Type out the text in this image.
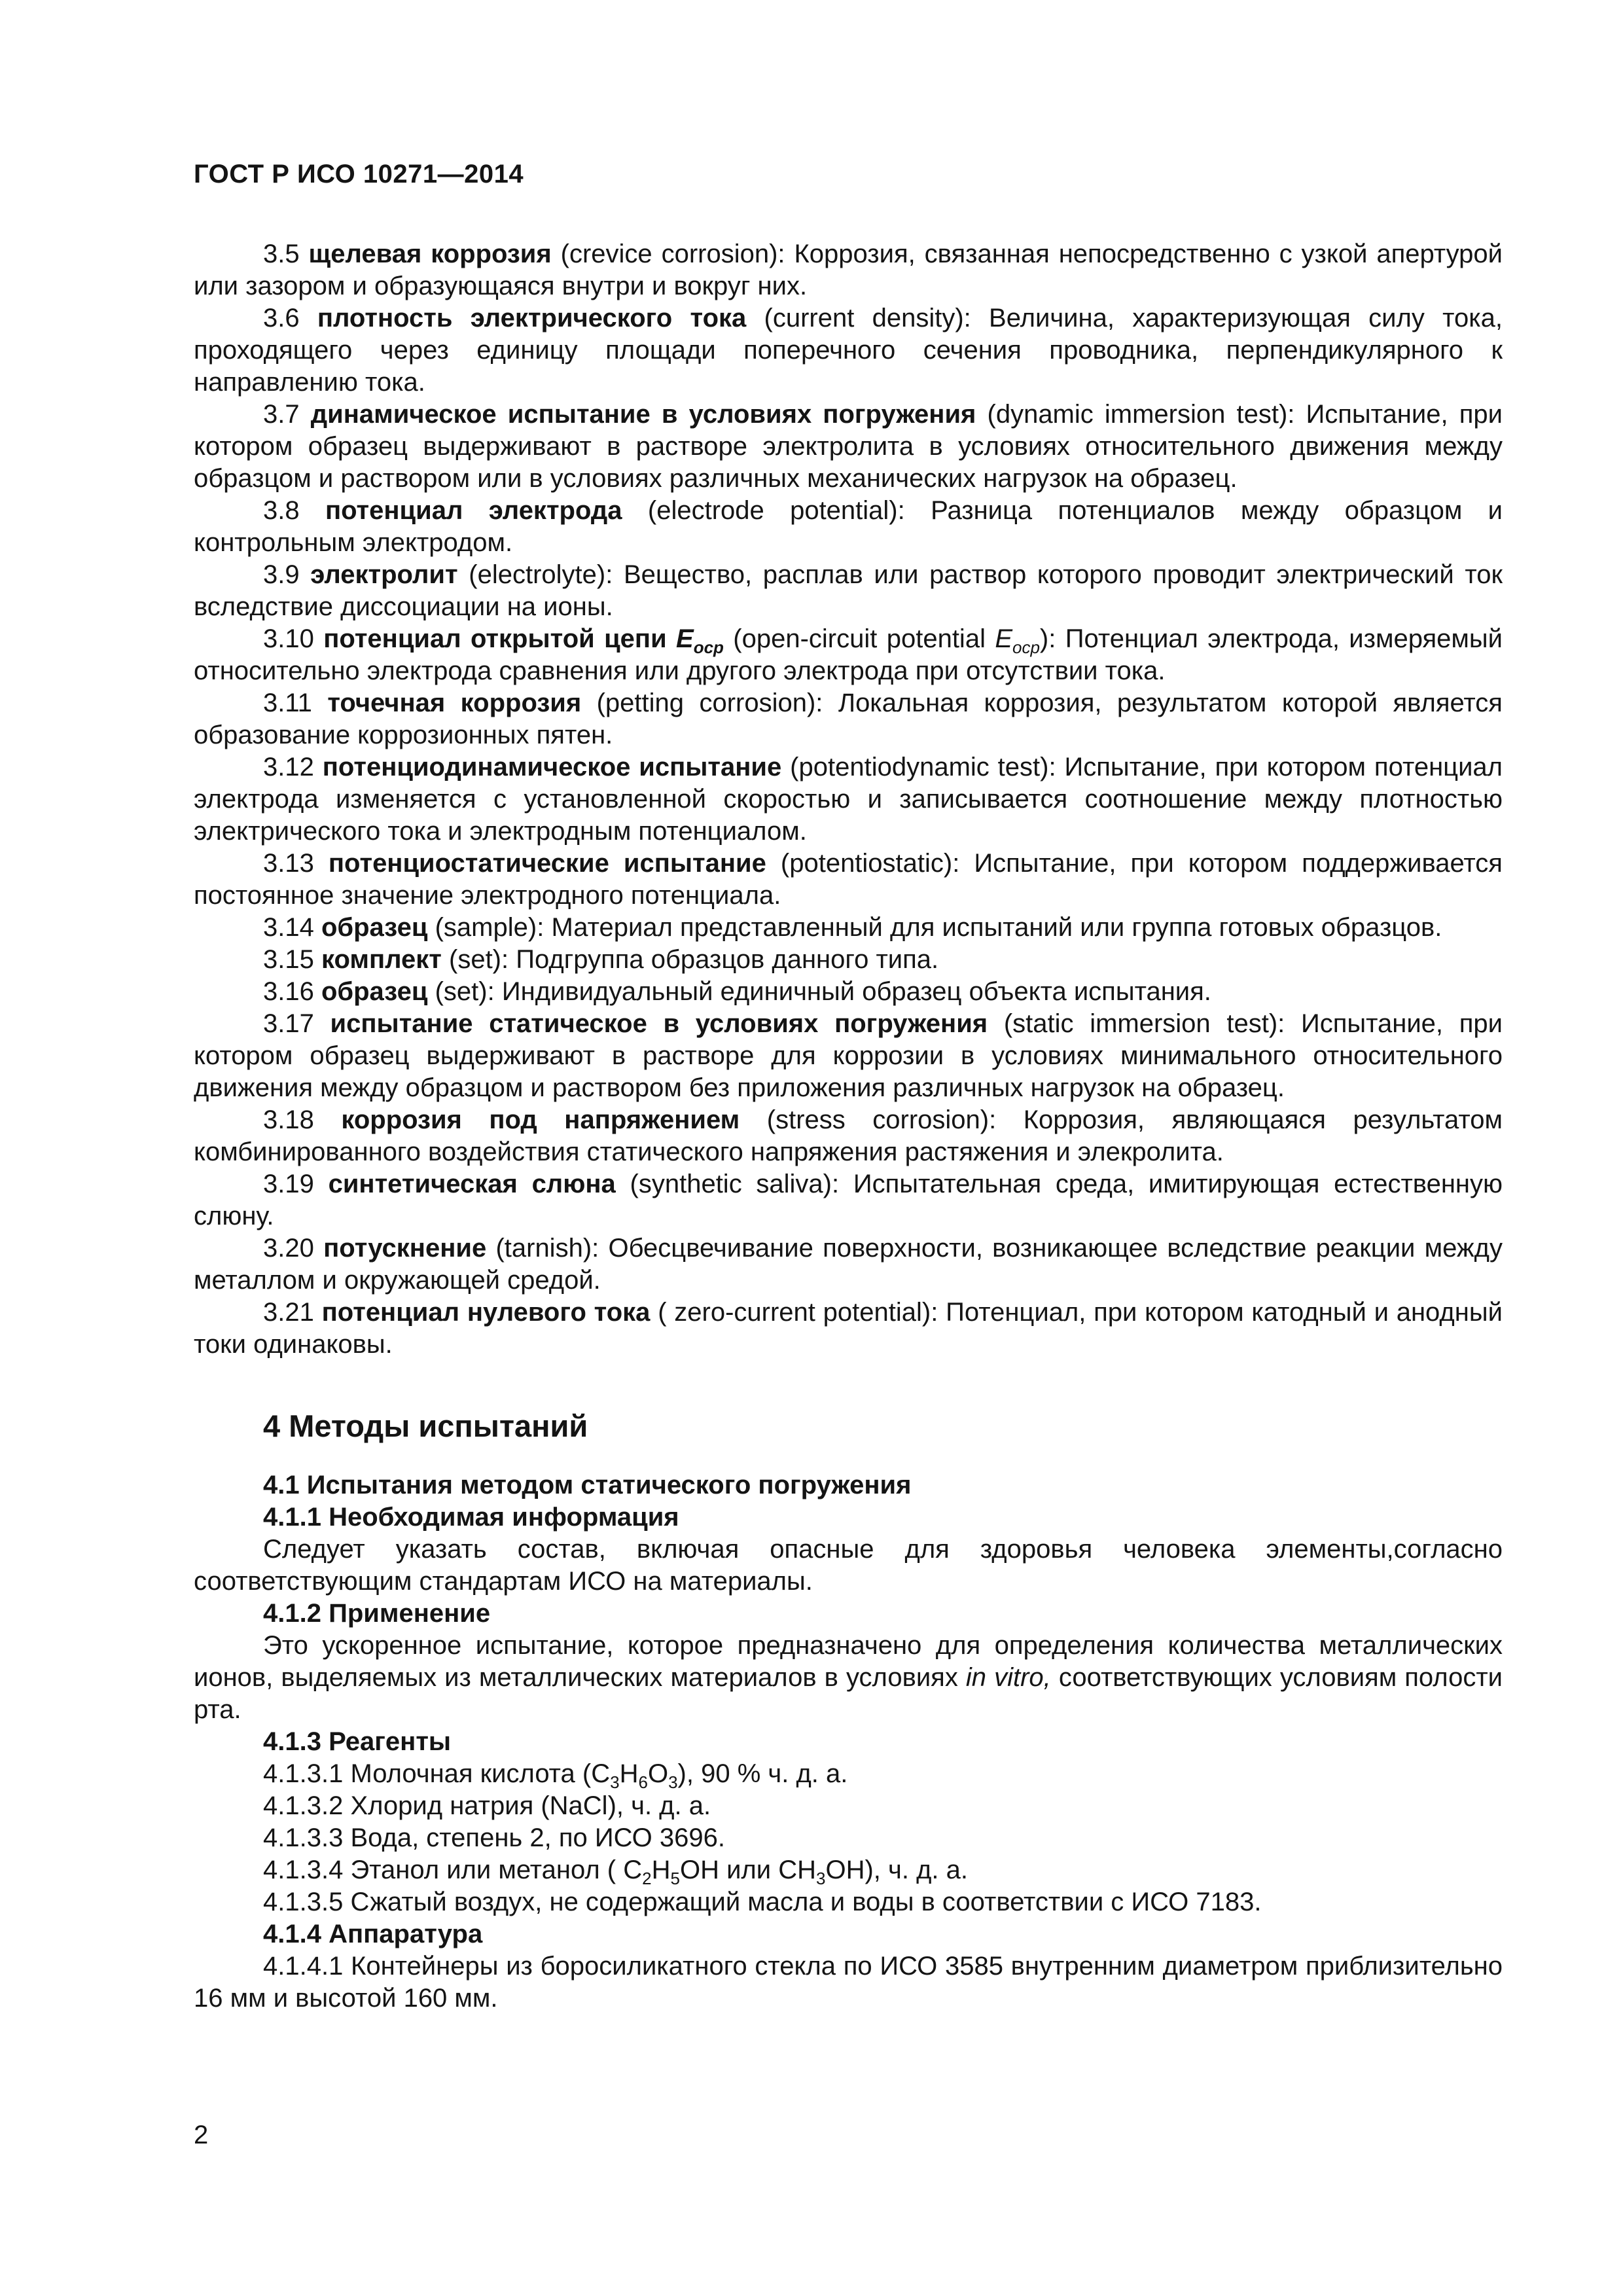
ГОСТ Р ИСО 10271—2014

3.5 щелевая коррозия (crevice corrosion): Коррозия, связанная непосредственно с узкой апертурой или зазором и образующаяся внутри и вокруг них.

3.6 плотность электрического тока (current density): Величина, характеризующая силу тока, проходящего через единицу площади поперечного сечения проводника, перпендикулярного к направлению тока.

3.7 динамическое испытание в условиях погружения (dynamic immersion test): Испытание, при котором образец выдерживают в растворе электролита в условиях относительного движения между образцом и раствором или в условиях различных механических нагрузок на образец.

3.8 потенциал электрода (electrode potential): Разница потенциалов между образцом и контрольным электродом.

3.9 электролит (electrolyte): Вещество, расплав или раствор которого проводит электрический ток вследствие диссоциации на ионы.

3.10 потенциал открытой цепи $E_{ocp}$ (open-circuit potential $E_{ocp}$): Потенциал электрода, измеряемый относительно электрода сравнения или другого электрода при отсутствии тока.

3.11 точечная коррозия (petting corrosion): Локальная коррозия, результатом которой является образование коррозионных пятен.

3.12 потенциодинамическое испытание (potentiodynamic test): Испытание, при котором потенциал электрода изменяется с установленной скоростью и записывается соотношение между плотностью электрического тока и электродным потенциалом.

3.13 потенциостатические испытание (potentiostatic): Испытание, при котором поддерживается постоянное значение электродного потенциала.

3.14 образец (sample): Материал представленный для испытаний или группа готовых образцов.

3.15 комплект (set): Подгруппа образцов данного типа.

3.16 образец (set): Индивидуальный единичный образец объекта испытания.

3.17 испытание статическое в условиях погружения (static immersion test): Испытание, при котором образец выдерживают в растворе для коррозии в условиях минимального относительного движения между образцом и раствором без приложения различных нагрузок на образец.

3.18 коррозия под напряжением (stress corrosion): Коррозия, являющаяся результатом комбинированного воздействия статического напряжения растяжения и элекролита.

3.19 синтетическая слюна (synthetic saliva): Испытательная среда, имитирующая естественную слюну.

3.20 потускнение (tarnish): Обесцвечивание поверхности, возникающее вследствие реакции между металлом и окружающей средой.

3.21 потенциал нулевого тока ( zero-current potential): Потенциал, при котором катодный и анодный токи одинаковы.

4 Методы испытаний

4.1 Испытания методом статического погружения

4.1.1 Необходимая информация

Следует указать состав, включая опасные для здоровья человека элементы,согласно соответствующим стандартам ИСО на материалы.

4.1.2 Применение

Это ускоренное испытание, которое предназначено для определения количества металлических ионов, выделяемых из металлических материалов в условиях in vitro, соответствующих условиям полости рта.

4.1.3 Реагенты

4.1.3.1 Молочная кислота $(C_3H_6O_3)$, 90 % ч. д. а.

4.1.3.2 Хлорид натрия (NaCl), ч. д. а.

4.1.3.3 Вода, степень 2, по ИСО 3696.

4.1.3.4 Этанол или метанол ( $C_2H_5OH$ или $CH_3OH$), ч. д. а.

4.1.3.5 Сжатый воздух, не содержащий масла и воды в соответствии с ИСО 7183.

4.1.4 Аппаратура

4.1.4.1 Контейнеры из боросиликатного стекла по ИСО 3585 внутренним диаметром приблизительно 16 мм и высотой 160 мм.

2
